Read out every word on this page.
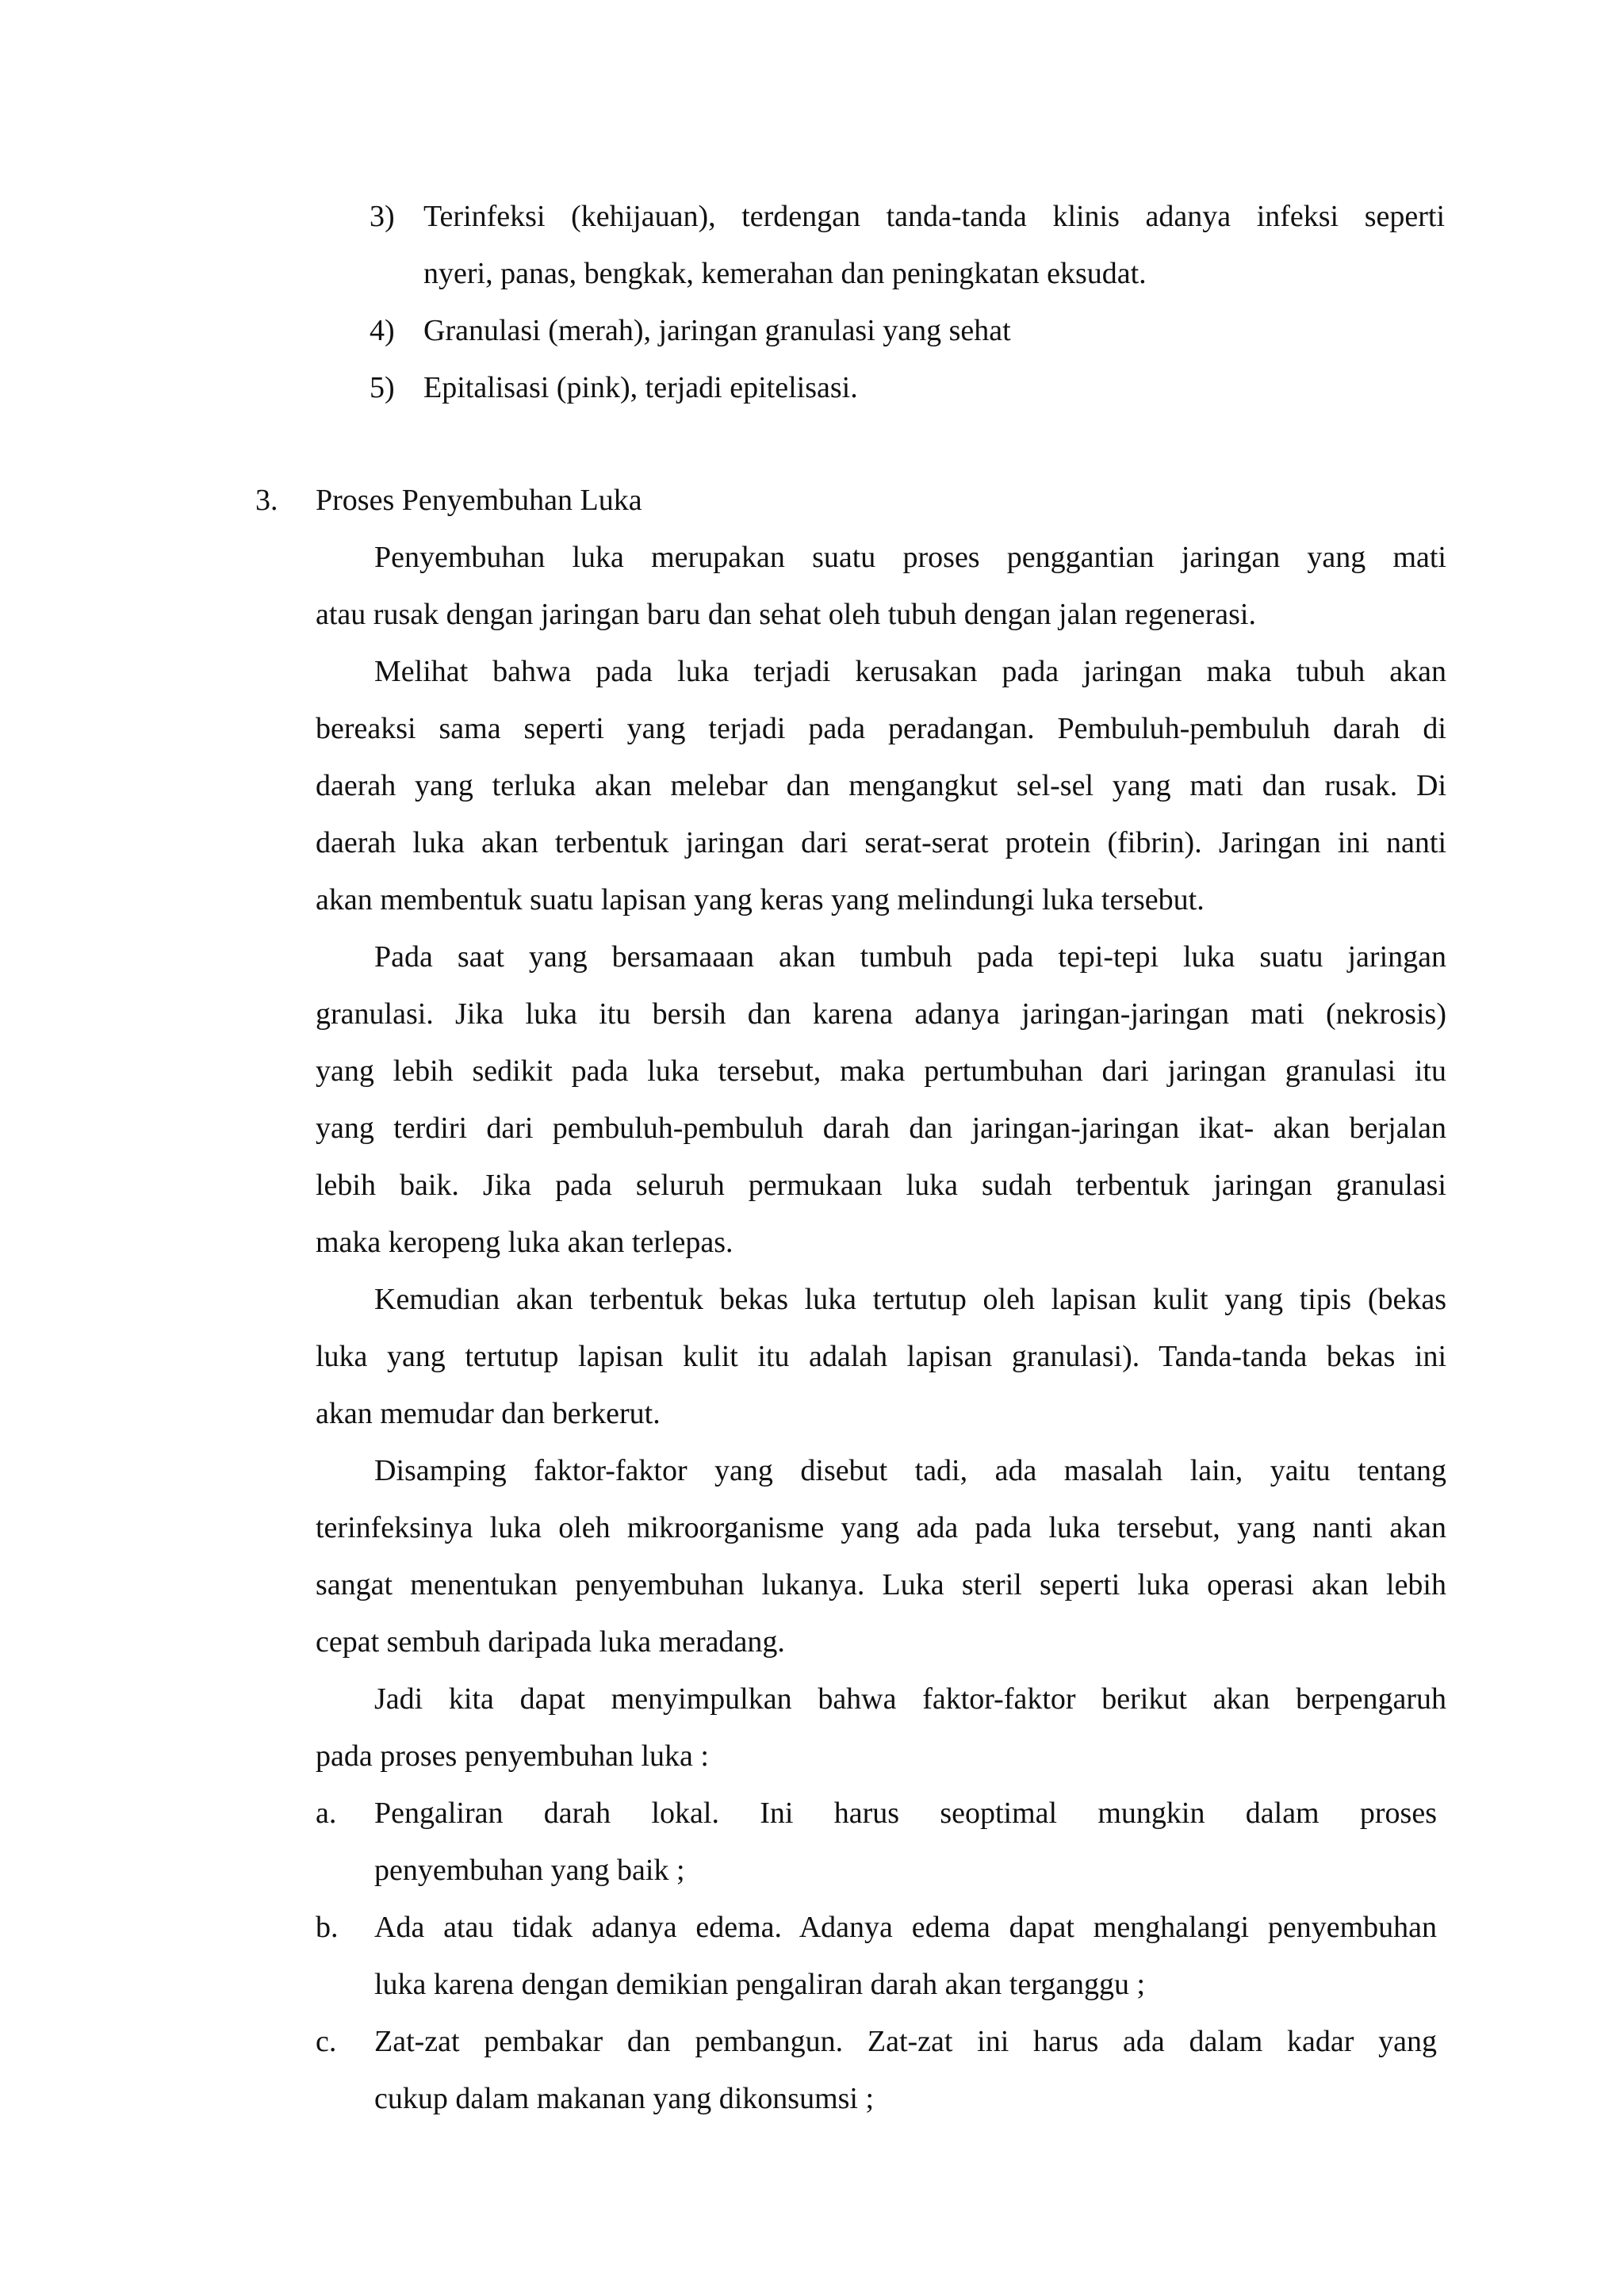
3) Terinfeksi (kehijauan), terdengan tanda-tanda klinis adanya infeksi seperti
nyeri, panas, bengkak, kemerahan dan peningkatan eksudat.
4) Granulasi (merah), jaringan granulasi yang sehat
5) Epitalisasi (pink), terjadi epitelisasi.
3. Proses Penyembuhan Luka
Penyembuhan luka merupakan suatu proses penggantian jaringan yang mati
atau rusak dengan jaringan baru dan sehat oleh tubuh dengan jalan regenerasi.
Melihat bahwa pada luka terjadi kerusakan pada jaringan maka tubuh akan
bereaksi sama seperti yang terjadi pada peradangan. Pembuluh-pembuluh darah di
daerah yang terluka akan melebar dan mengangkut sel-sel yang mati dan rusak. Di
daerah luka akan terbentuk jaringan dari serat-serat protein (fibrin). Jaringan ini nanti
akan membentuk suatu lapisan yang keras yang melindungi luka tersebut.
Pada saat yang bersamaaan akan tumbuh pada tepi-tepi luka suatu jaringan
granulasi. Jika luka itu bersih dan karena adanya jaringan-jaringan mati (nekrosis)
yang lebih sedikit pada luka tersebut, maka pertumbuhan dari jaringan granulasi itu
yang terdiri dari pembuluh-pembuluh darah dan jaringan-jaringan ikat- akan berjalan
lebih baik. Jika pada seluruh permukaan luka sudah terbentuk jaringan granulasi
maka keropeng luka akan terlepas.
Kemudian akan terbentuk bekas luka tertutup oleh lapisan kulit yang tipis (bekas
luka yang tertutup lapisan kulit itu adalah lapisan granulasi). Tanda-tanda bekas ini
akan memudar dan berkerut.
Disamping faktor-faktor yang disebut tadi, ada masalah lain, yaitu tentang
terinfeksinya luka oleh mikroorganisme yang ada pada luka tersebut, yang nanti akan
sangat menentukan penyembuhan lukanya. Luka steril seperti luka operasi akan lebih
cepat sembuh daripada luka meradang.
Jadi kita dapat menyimpulkan bahwa faktor-faktor berikut akan berpengaruh
pada proses penyembuhan luka :
a. Pengaliran darah lokal. Ini harus seoptimal mungkin dalam proses
penyembuhan yang baik ;
b. Ada atau tidak adanya edema. Adanya edema dapat menghalangi penyembuhan
luka karena dengan demikian pengaliran darah akan terganggu ;
c. Zat-zat pembakar dan pembangun. Zat-zat ini harus ada dalam kadar yang
cukup dalam makanan yang dikonsumsi ;
